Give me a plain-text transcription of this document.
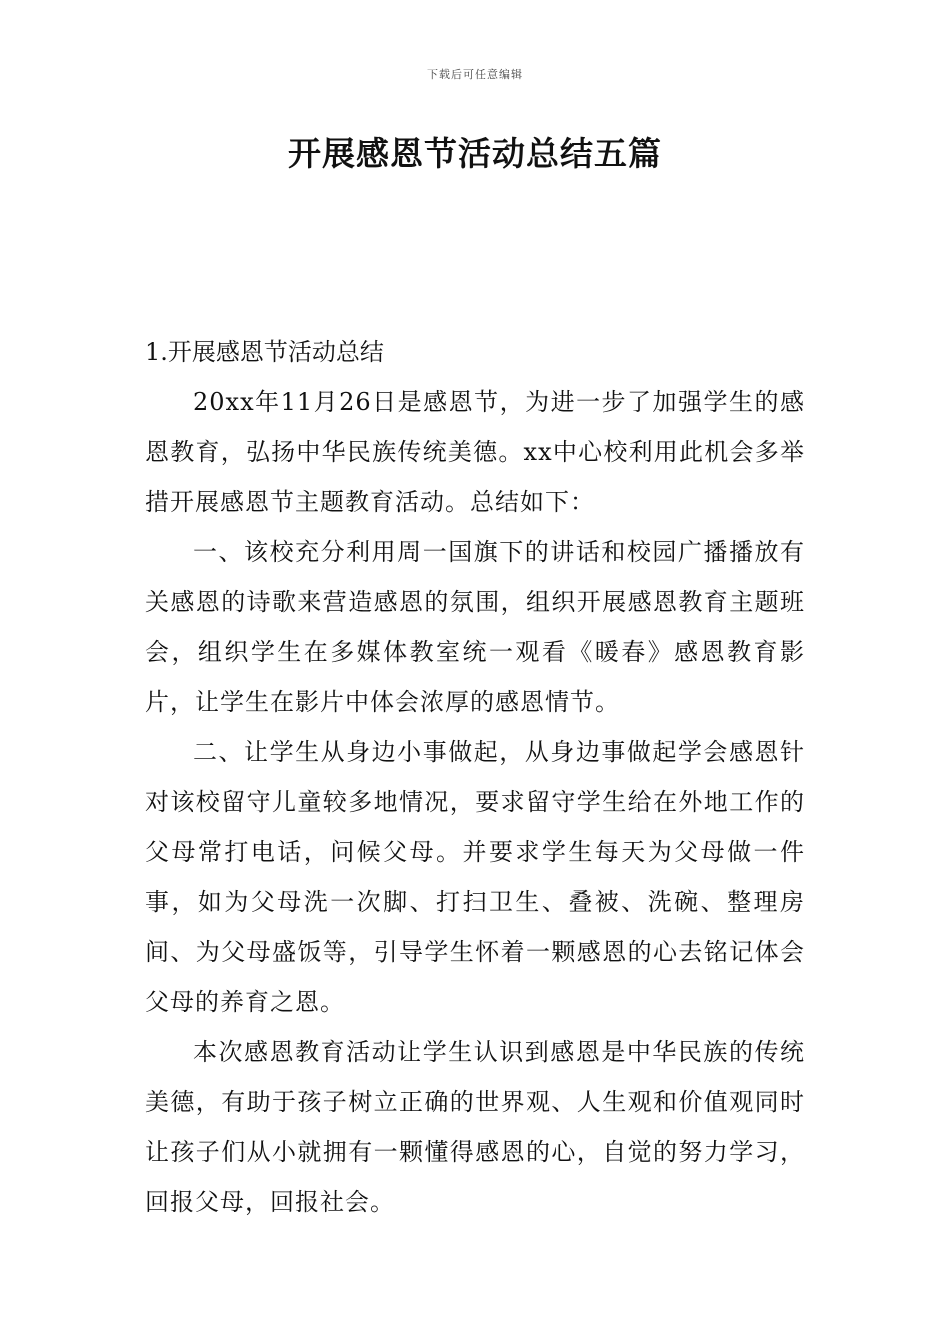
下载后可任意编辑
开展感恩节活动总结五篇

1.开展感恩节活动总结

20xx年11月26日是感恩节，为进一步了加强学生的感恩教育，弘扬中华民族传统美德。xx中心校利用此机会多举措开展感恩节主题教育活动。总结如下：

一、该校充分利用周一国旗下的讲话和校园广播播放有关感恩的诗歌来营造感恩的氛围，组织开展感恩教育主题班会，组织学生在多媒体教室统一观看《暖春》感恩教育影片，让学生在影片中体会浓厚的感恩情节。

二、让学生从身边小事做起，从身边事做起学会感恩针对该校留守儿童较多地情况，要求留守学生给在外地工作的父母常打电话，问候父母。并要求学生每天为父母做一件事，如为父母洗一次脚、打扫卫生、叠被、洗碗、整理房间、为父母盛饭等，引导学生怀着一颗感恩的心去铭记体会父母的养育之恩。

本次感恩教育活动让学生认识到感恩是中华民族的传统美德，有助于孩子树立正确的世界观、人生观和价值观同时让孩子们从小就拥有一颗懂得感恩的心，自觉的努力学习，回报父母，回报社会。
